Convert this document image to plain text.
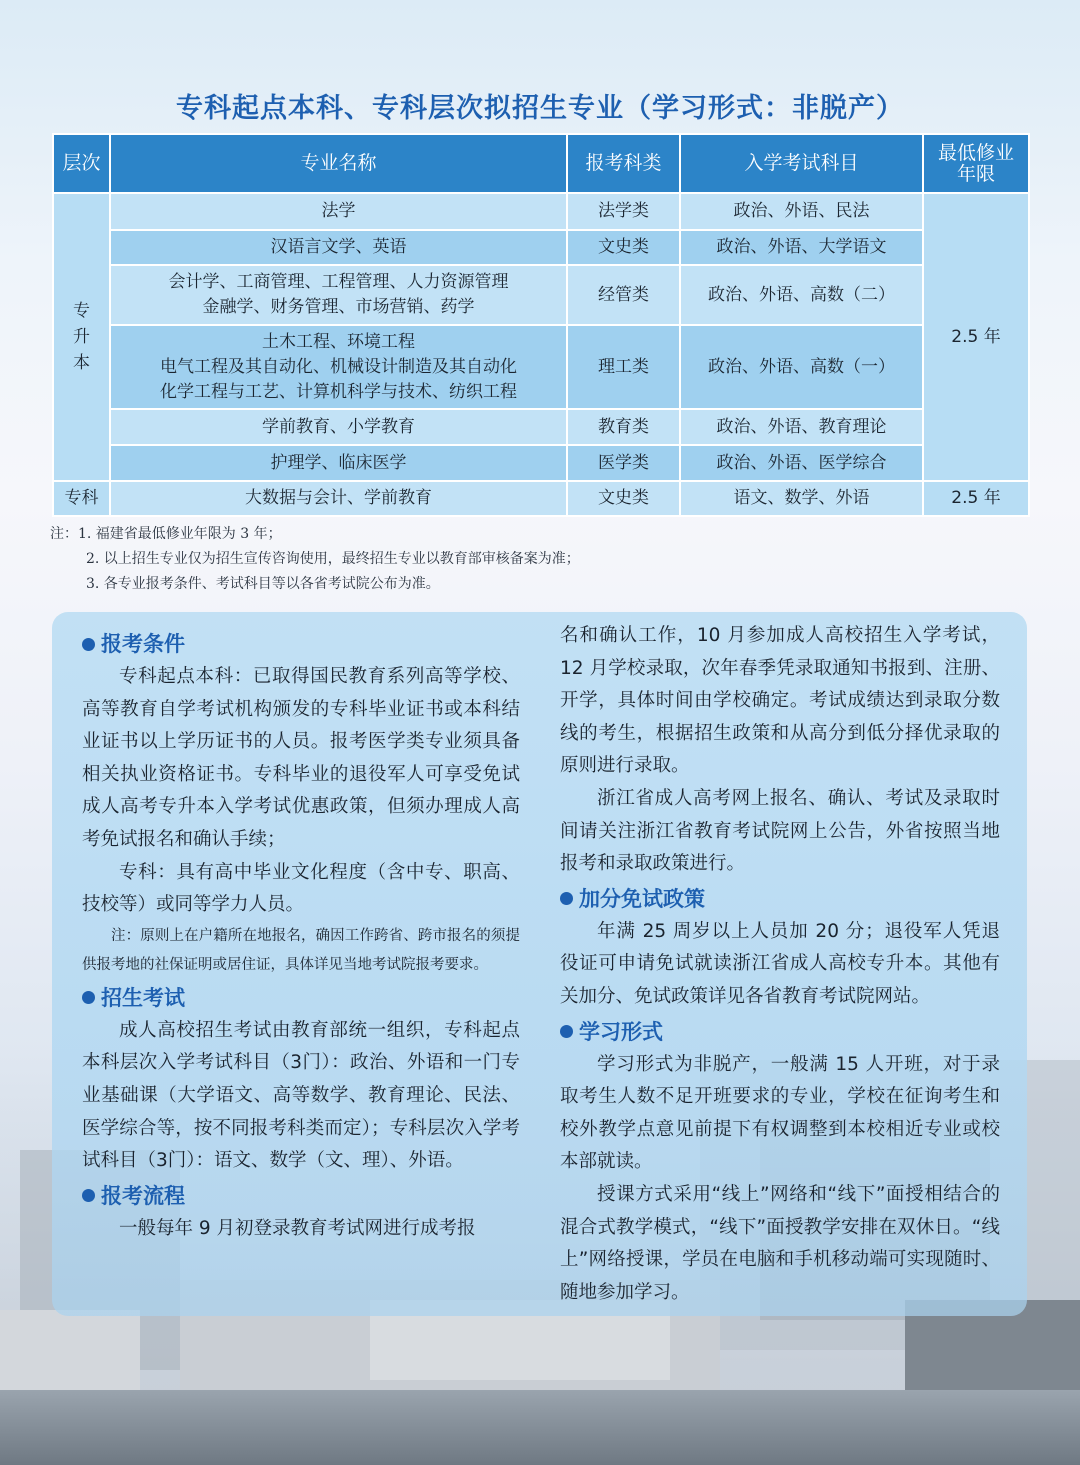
专科起点本科、专科层次拟招生专业（学习形式：非脱产）
层次	专业名称	报考科类	入学考试科目	最低修业年限

专升本	法学	法学类	政治、外语、民法	2.5 年
	汉语言文学、英语	文史类	政治、外语、大学语文	

	会计学、工商管理、工程管理、人力资源管理
金融学、财务管理、市场营销、药学	经管类	政治、外语、高数（二）	

	土木工程、环境工程
电气工程及其自动化、机械设计制造及其自动化
化学工程与工艺、计算机科学与技术、纺织工程	理工类	政治、外语、高数（一）	
	学前教育、小学教育	教育类	政治、外语、教育理论	
	护理学、临床医学	医学类	政治、外语、医学综合	
专科	大数据与会计、学前教育	文史类	语文、数学、外语	2.5 年
注：1. 福建省最低修业年限为 3 年；
2. 以上招生专业仅为招生宣传咨询使用，最终招生专业以教育部审核备案为准；
3. 各专业报考条件、考试科目等以各省考试院公布为准。
报考条件

专科起点本科：已取得国民教育系列高等学校、高等教育自学考试机构颁发的专科毕业证书或本科结业证书以上学历证书的人员。报考医学类专业须具备相关执业资格证书。专科毕业的退役军人可享受免试成人高考专升本入学考试优惠政策，但须办理成人高考免试报名和确认手续；

专科：具有高中毕业文化程度（含中专、职高、技校等）或同等学力人员。

注：原则上在户籍所在地报名，确因工作跨省、跨市报名的须提供报考地的社保证明或居住证，具体详见当地考试院报考要求。

招生考试

成人高校招生考试由教育部统一组织，专科起点本科层次入学考试科目（3门）：政治、外语和一门专业基础课（大学语文、高等数学、教育理论、民法、医学综合等，按不同报考科类而定）；专科层次入学考试科目（3门）：语文、数学（文、理）、外语。

报考流程

一般每年 9 月初登录教育考试网进行成考报

名和确认工作，10 月参加成人高校招生入学考试，12 月学校录取，次年春季凭录取通知书报到、注册、开学，具体时间由学校确定。考试成绩达到录取分数线的考生，根据招生政策和从高分到低分择优录取的原则进行录取。

浙江省成人高考网上报名、确认、考试及录取时间请关注浙江省教育考试院网上公告，外省按照当地报考和录取政策进行。

加分免试政策

年满 25 周岁以上人员加 20 分；退役军人凭退役证可申请免试就读浙江省成人高校专升本。其他有关加分、免试政策详见各省教育考试院网站。

学习形式

学习形式为非脱产，一般满 15 人开班，对于录取考生人数不足开班要求的专业，学校在征询考生和校外教学点意见前提下有权调整到本校相近专业或校本部就读。

授课方式采用“线上”网络和“线下”面授相结合的混合式教学模式，“线下”面授教学安排在双休日。“线上”网络授课，学员在电脑和手机移动端可实现随时、随地参加学习。
